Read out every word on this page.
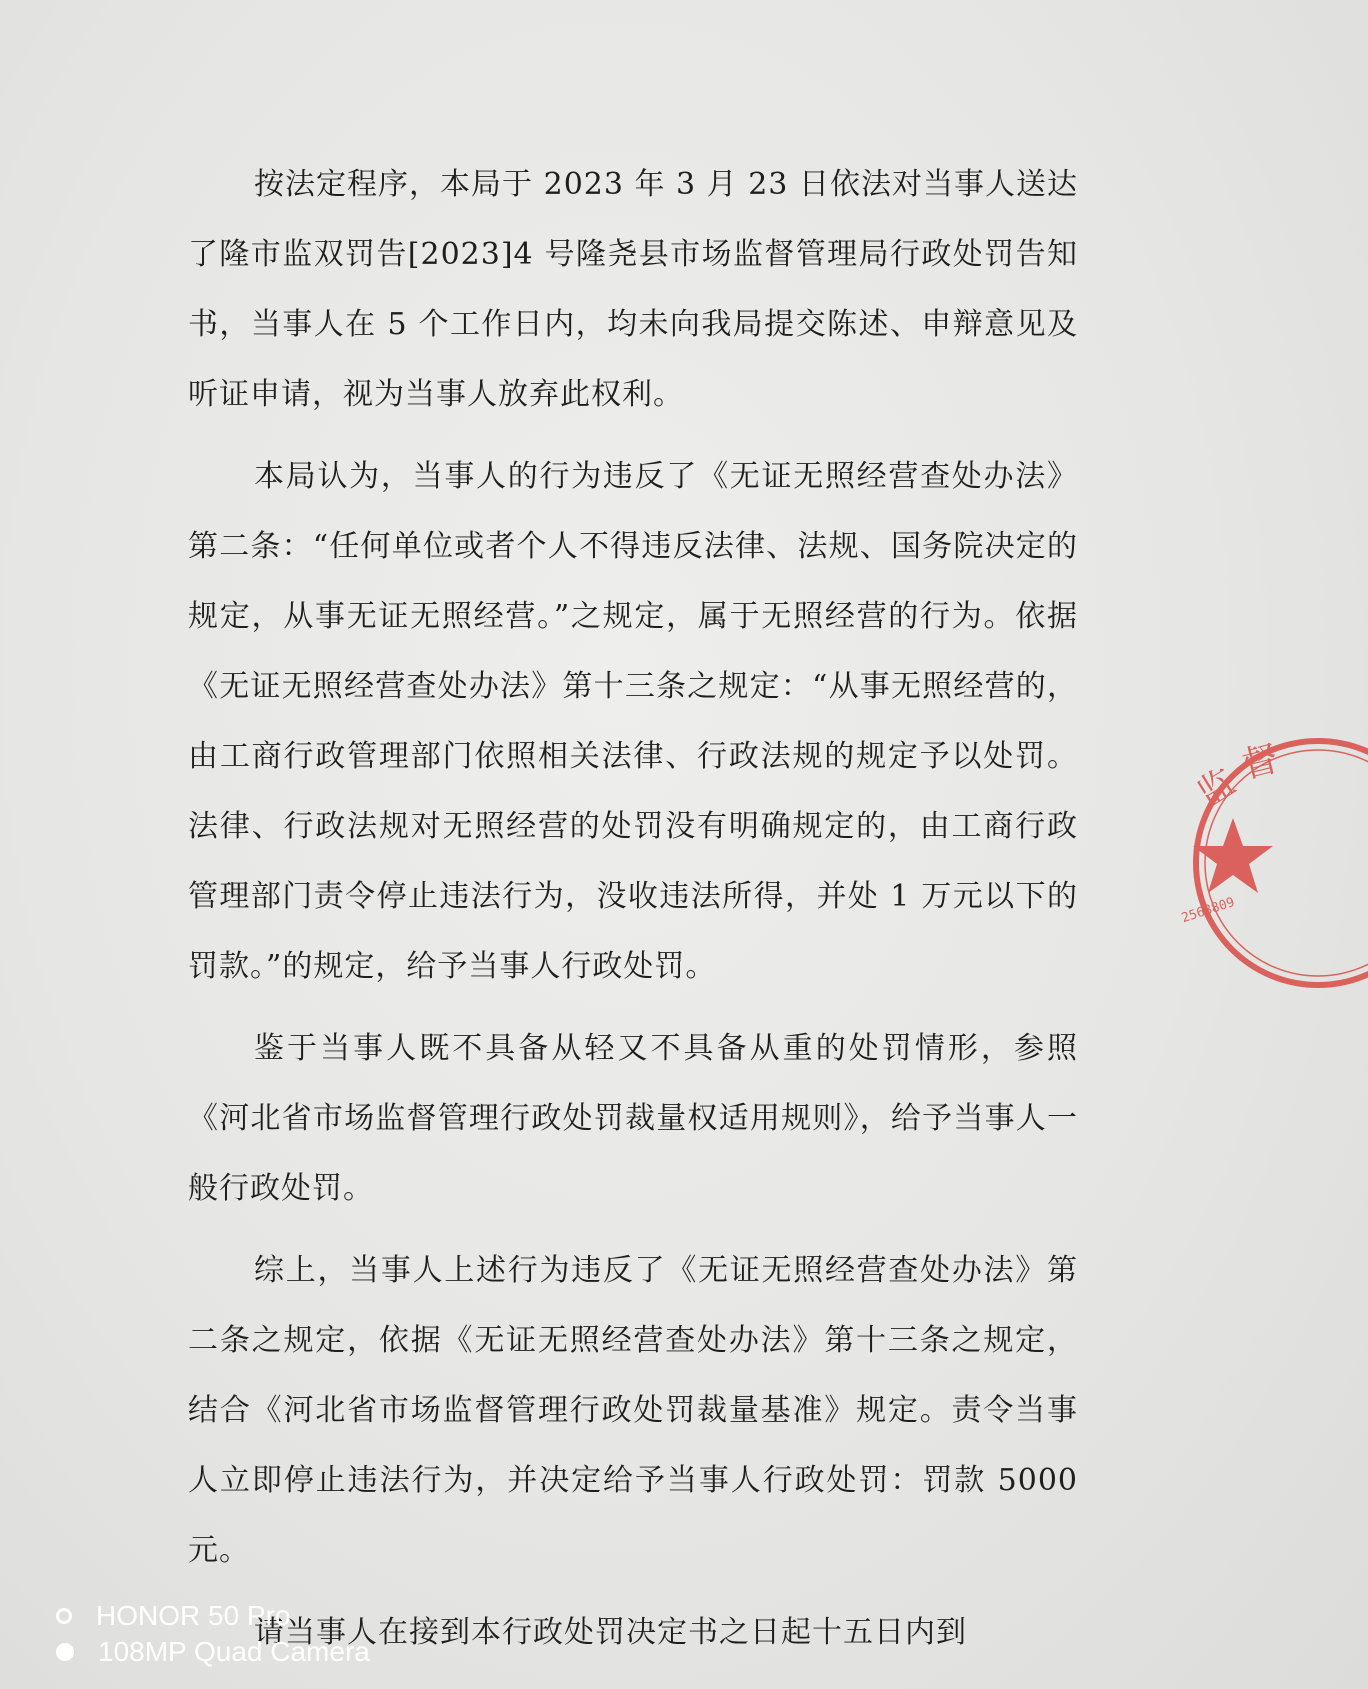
按法定程序，本局于 2023 年 3 月 23 日依法对当事人送达了隆市监双罚告[2023]4 号隆尧县市场监督管理局行政处罚告知书，当事人在 5 个工作日内，均未向我局提交陈述、申辩意见及听证申请，视为当事人放弃此权利。

本局认为，当事人的行为违反了《无证无照经营查处办法》第二条：“任何单位或者个人不得违反法律、法规、国务院决定的规定，从事无证无照经营。”之规定，属于无照经营的行为。依据《无证无照经营查处办法》第十三条之规定：“从事无照经营的，由工商行政管理部门依照相关法律、行政法规的规定予以处罚。法律、行政法规对无照经营的处罚没有明确规定的，由工商行政管理部门责令停止违法行为，没收违法所得，并处 1 万元以下的罚款。”的规定，给予当事人行政处罚。

鉴于当事人既不具备从轻又不具备从重的处罚情形，参照《河北省市场监督管理行政处罚裁量权适用规则》，给予当事人一般行政处罚。

综上，当事人上述行为违反了《无证无照经营查处办法》第二条之规定，依据《无证无照经营查处办法》第十三条之规定，结合《河北省市场监督管理行政处罚裁量基准》规定。责令当事人立即停止违法行为，并决定给予当事人行政处罚：罚款 5000 元。

请当事人在接到本行政处罚决定书之日起十五日内到

监
督
2568809
HONOR 50 Pro
108MP Quad Camera
